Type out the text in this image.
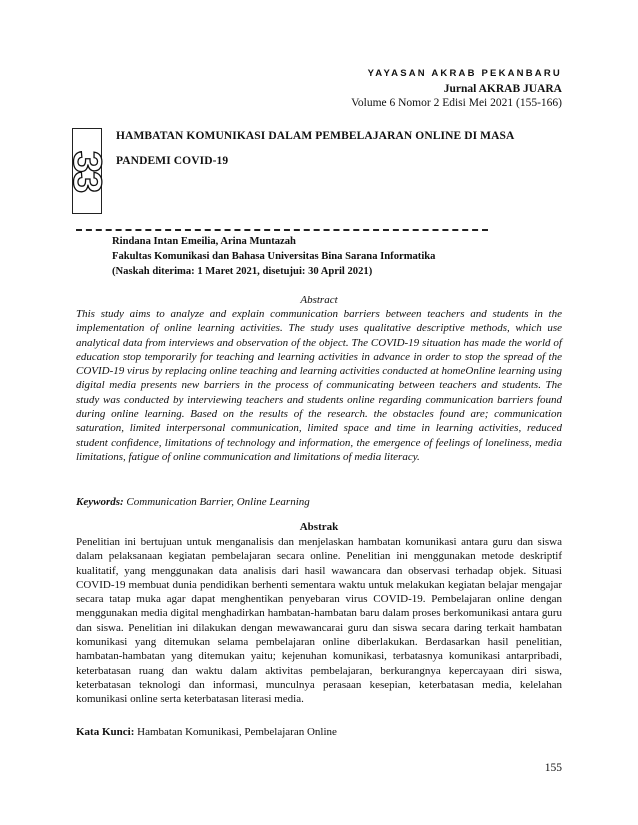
YAYASAN AKRAB PEKANBARU
Jurnal AKRAB JUARA
Volume 6 Nomor 2 Edisi Mei 2021 (155-166)
33
HAMBATAN KOMUNIKASI DALAM PEMBELAJARAN ONLINE DI MASA
PANDEMI COVID-19
Rindana Intan Emeilia, Arina Muntazah
Fakultas Komunikasi dan Bahasa Universitas Bina Sarana Informatika
(Naskah diterima: 1 Maret 2021, disetujui: 30 April 2021)
Abstract
This study aims to analyze and explain communication barriers between teachers and students in the implementation of online learning activities. The study uses qualitative descriptive methods, which use analytical data from interviews and observation of the object. The COVID-19 situation has made the world of education stop temporarily for teaching and learning activities in advance in order to stop the spread of the COVID-19 virus by replacing online teaching and learning activities conducted at homeOnline learning using digital media presents new barriers in the process of communicating between teachers and students. The study was conducted by interviewing teachers and students online regarding communication barriers found during online learning. Based on the results of the research. the obstacles found are; communication saturation, limited interpersonal communication, limited space and time in learning activities, reduced student confidence, limitations of technology and information, the emergence of feelings of loneliness, media limitations, fatigue of online communication and limitations of media literacy.
Keywords: Communication Barrier, Online Learning
Abstrak
Penelitian ini bertujuan untuk menganalisis dan menjelaskan hambatan komunikasi antara guru dan siswa dalam pelaksanaan kegiatan pembelajaran secara online. Penelitian ini menggunakan metode deskriptif kualitatif, yang menggunakan data analisis dari hasil wawancara dan observasi terhadap objek. Situasi COVID-19 membuat dunia pendidikan berhenti sementara waktu untuk melakukan kegiatan belajar mengajar secara tatap muka agar dapat menghentikan penyebaran virus COVID-19. Pembelajaran online dengan menggunakan media digital menghadirkan hambatan-hambatan baru dalam proses berkomunikasi antara guru dan siswa. Penelitian ini dilakukan dengan mewawancarai guru dan siswa secara daring terkait hambatan komunikasi yang ditemukan selama pembelajaran online diberlakukan. Berdasarkan hasil penelitian, hambatan-hambatan yang ditemukan yaitu; kejenuhan komunikasi, terbatasnya komunikasi antarpribadi, keterbatasan ruang dan waktu dalam aktivitas pembelajaran, berkurangnya kepercayaan diri siswa, keterbatasan teknologi dan informasi, munculnya perasaan kesepian, keterbatasan media, kelelahan komunikasi online serta keterbatasan literasi media.
Kata Kunci: Hambatan Komunikasi, Pembelajaran Online
155
